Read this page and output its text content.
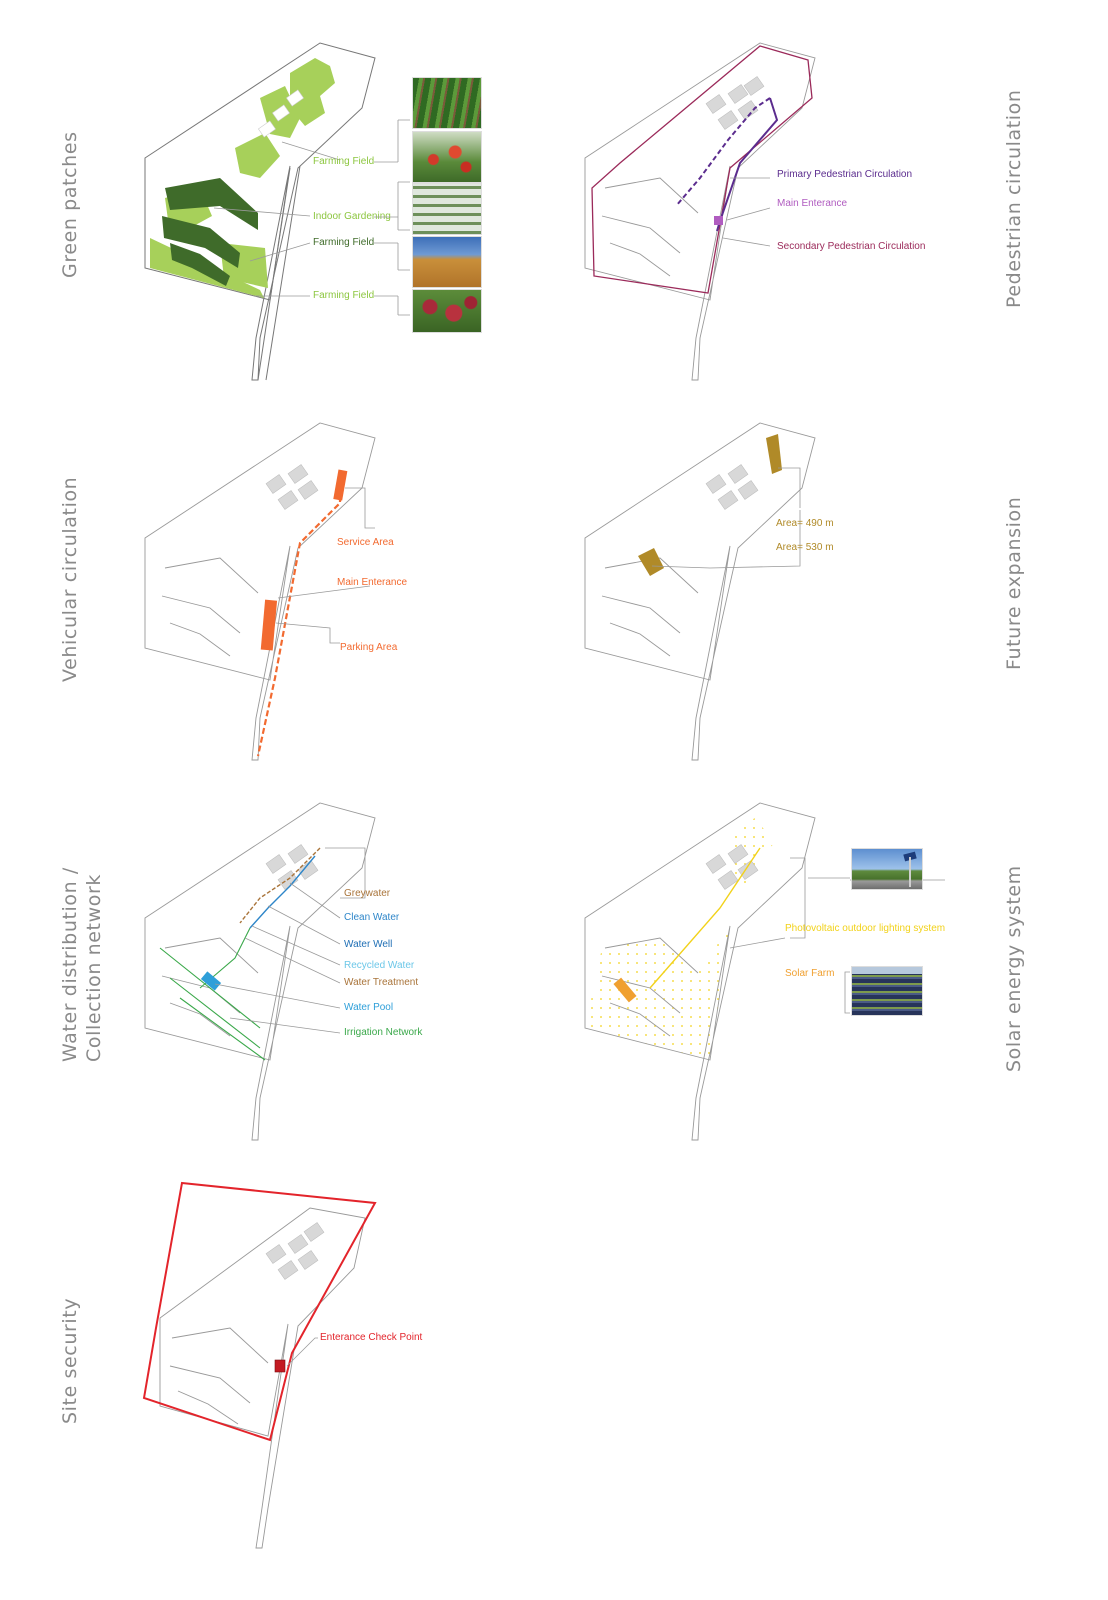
Green patches	Pedestrian circulation
Vehicular circulation	Future expansion
Water distribution / Collection network	Solar energy system
Site security
Farming Field
Indoor Gardening
Farming Field
Farming Field
Primary Pedestrian Circulation
Main Enterance
Secondary Pedestrian Circulation
Service Area
Main Enterance
Parking Area
Area= 490 m
Area= 530 m
Greywater
Clean Water
Water Well
Recycled Water
Water Treatment
Water Pool
Irrigation Network
Photovoltaic outdoor lighting system
Solar Farm
Enterance Check Point
